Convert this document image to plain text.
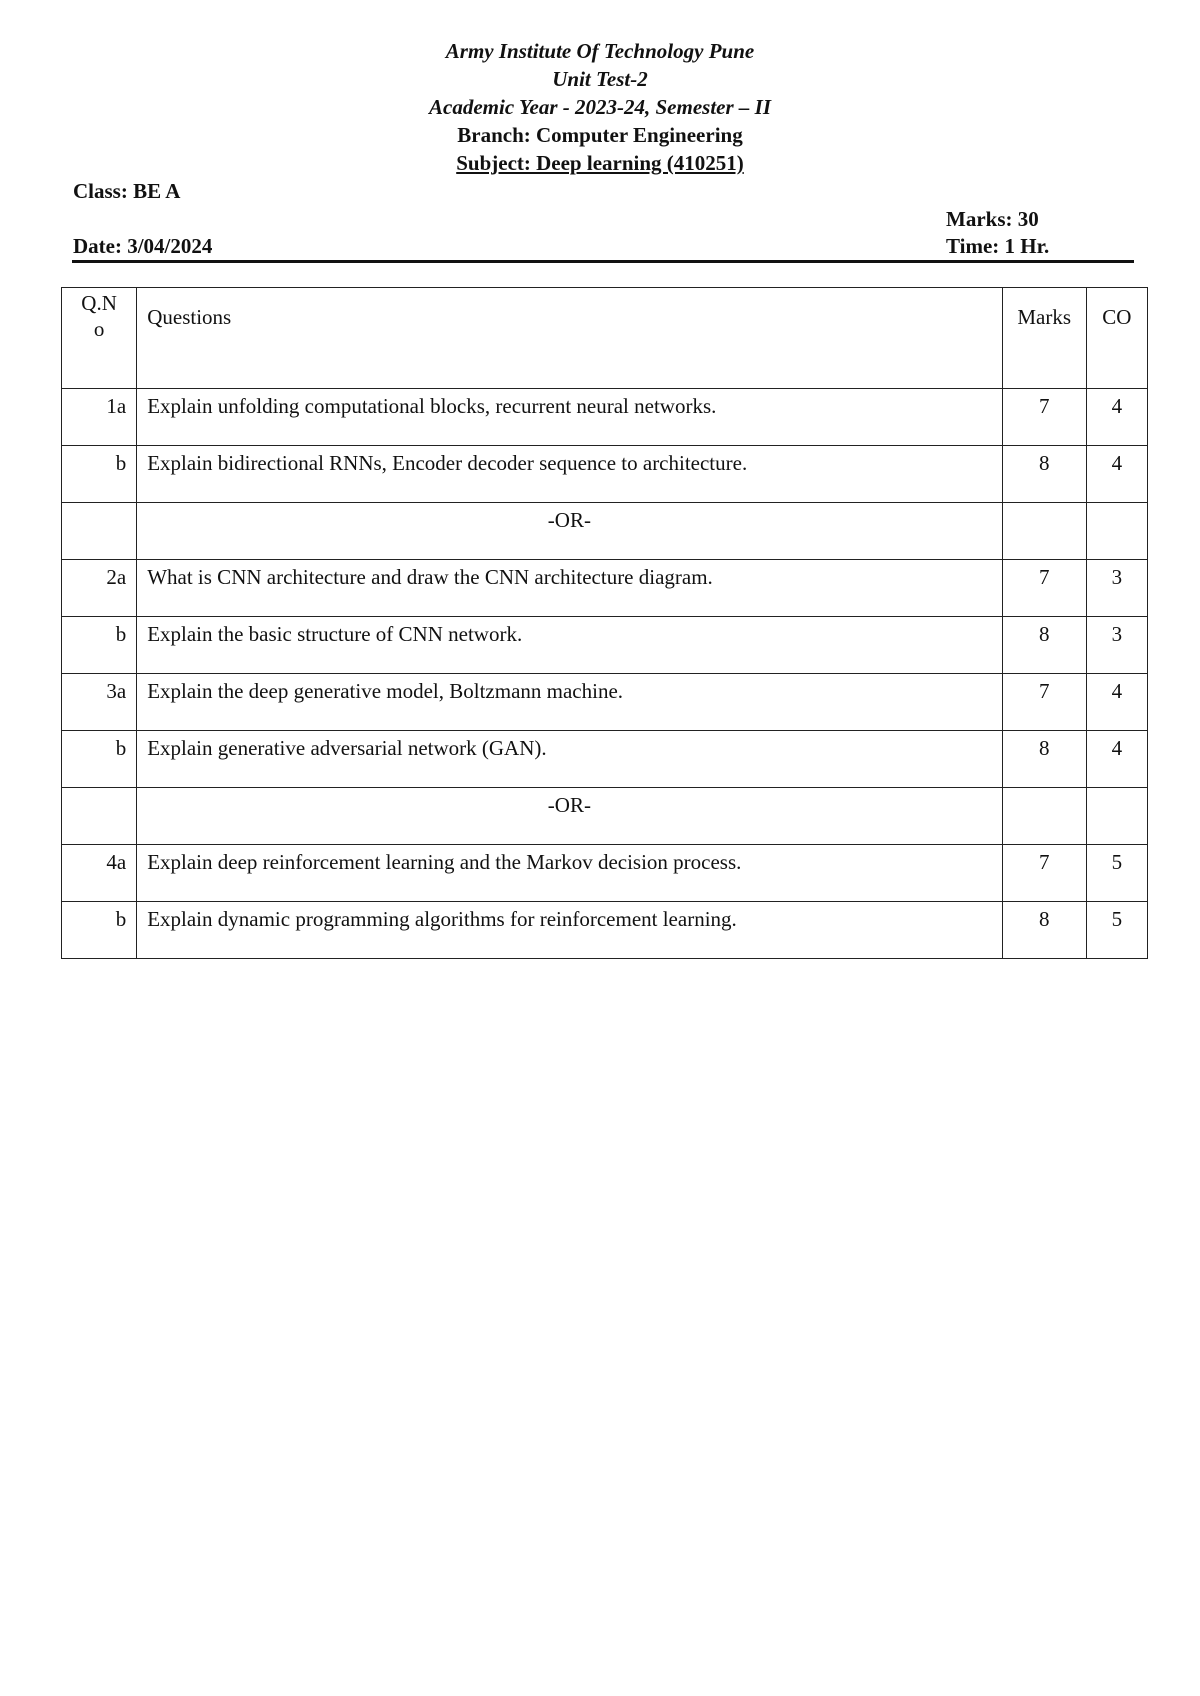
Army Institute Of Technology Pune
Unit Test-2
Academic Year - 2023-24, Semester – II
Branch: Computer Engineering
Subject: Deep learning (410251)
Class: BE A
Marks: 30
Date: 3/04/2024	Time: 1 Hr.
Q.N
o	Questions	Marks	CO
1a	Explain unfolding computational blocks, recurrent neural networks.	7	4
b	Explain bidirectional RNNs, Encoder decoder sequence to architecture.	8	4
	-OR-		
2a	What is CNN architecture and draw the CNN architecture diagram.	7	3
b	Explain the basic structure of CNN network.	8	3
3a	Explain the deep generative model, Boltzmann machine.	7	4
b	Explain generative adversarial network (GAN).	8	4
	-OR-		
4a	Explain deep reinforcement learning and the Markov decision process.	7	5
b	Explain dynamic programming algorithms for reinforcement learning.	8	5
